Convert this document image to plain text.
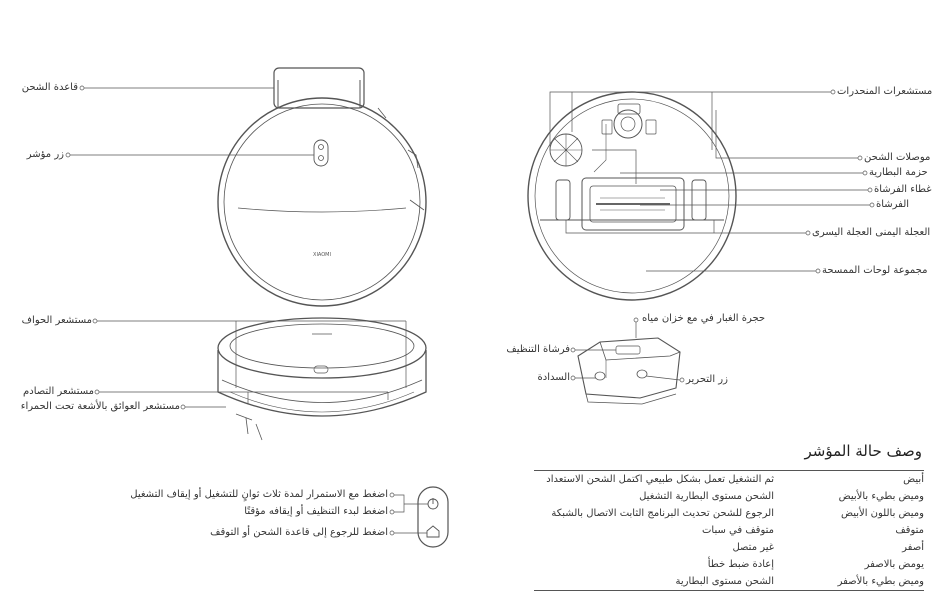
XIAOMI
قاعدة الشحن
زر مؤشر
مستشعر الحواف
مستشعر التصادم
مستشعر العوائق بالأشعة تحت الحمراء
مستشعرات المنحدرات
موصلات الشحن
حزمة البطارية
غطاء الفرشاة
الفرشاة
العجلة اليمنى العجلة اليسرى
مجموعة لوحات الممسحة
حجرة الغبار في مع خزان مياه
فرشاة التنظيف
السدادة	زر التحرير
اضغط مع الاستمرار لمدة ثلاث ثوانٍ للتشغيل أو إيقاف التشغيل
اضغط لبدء التنظيف أو إيقافه مؤقتًا
اضغط للرجوع إلى قاعدة الشحن أو التوقف
وصف حالة المؤشر
أبيض
ثم التشغيل تعمل بشكل طبيعي اكتمل الشحن الاستعداد
وميض بطيء بالأبيض
الشحن مستوى البطارية التشغيل
وميض باللون الأبيض
الرجوع للشحن تحديث البرنامج الثابت الاتصال بالشبكة
متوقف
متوقف في سبات
أصفر
غير متصل
يومض بالاصفر
إعادة ضبط خطأ
وميض بطيء بالأصفر
الشحن مستوى البطارية
